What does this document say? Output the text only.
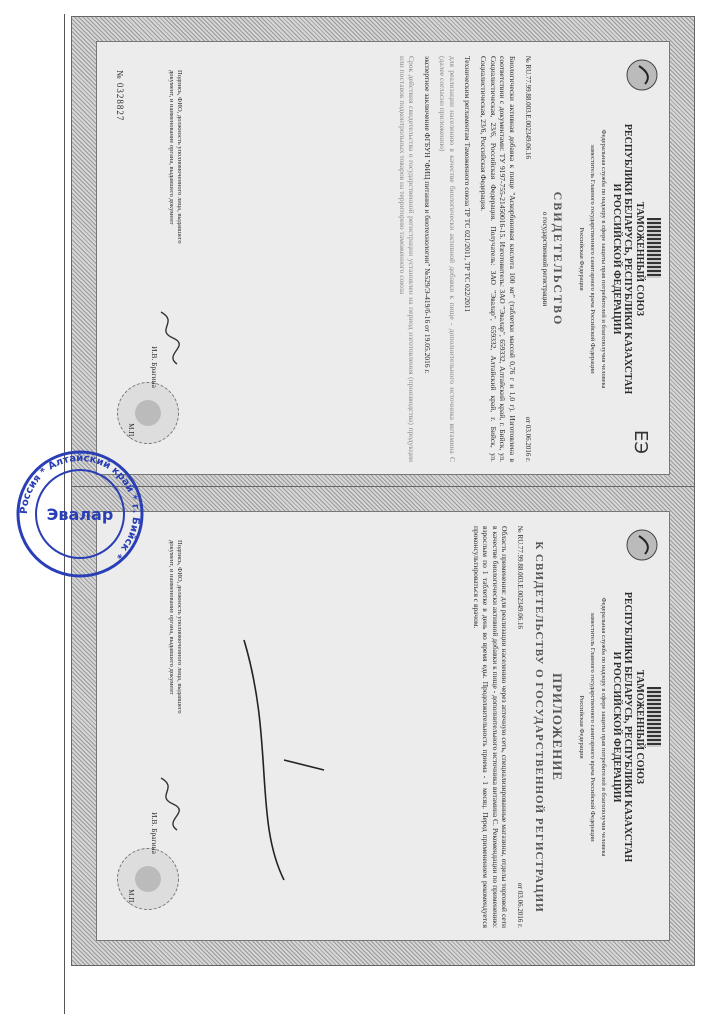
ЕЭ
ТАМОЖЕННЫЙ СОЮЗ
РЕСПУБЛИКИ БЕЛАРУСЬ, РЕСПУБЛИКИ КАЗАХСТАН
И РОССИЙСКОЙ ФЕДЕРАЦИИ
Федеральная служба по надзору в сфере защиты прав потребителей и благополучия человека
заместитель Главного государственного санитарного врача Российской Федерации
Российская Федерация
СВИДЕТЕЛЬСТВО
о государственной регистрации
№ RU.77.99.88.003.Е.002349.06.16
от 03.06.2016 г.
Биологически активная добавка к пище "Аскорбиновая кислота 100 мг" (таблетки массой 0,76 г и 1,0 г). Изготовлена в соответствии с документами: ТУ 9197-755-21450016-15. Изготовитель: ЗАО "Эвалар", 659332, Алтайский край, г. Бийск, ул. Социалистическая, 23/6, Российская Федерация. Получатель: ЗАО "Эвалар", 659332, Алтайский край, г. Бийск, ул. Социалистическая, 23/6, Российская Федерация.
Техническим регламентам Таможенного союза ТР ТС 021/2011, ТР ТС 022/2011
для реализации населению в качестве биологически активной добавки к пище - дополнительного источника витамина С (далее согласно приложению)
экспертное заключение ФГБУН "ФИЦ питания и биотехнологии" №529/Э-419/б-16 от 19.05.2016 г.
Срок действия свидетельства о государственной регистрации установлен на период изготовления (производства) продукции или поставок подконтрольных товаров на территорию таможенного союза
Подпись, ФИО, должность уполномоченного лица, выдавшего документ, и наименование органа, выдавшего документ
И.В. Брагина
М.П.
№ 0328827
ТАМОЖЕННЫЙ СОЮЗ
РЕСПУБЛИКИ БЕЛАРУСЬ, РЕСПУБЛИКИ КАЗАХСТАН
И РОССИЙСКОЙ ФЕДЕРАЦИИ
Федеральная служба по надзору в сфере защиты прав потребителей и благополучия человека
заместитель Главного государственного санитарного врача Российской Федерации
Российская Федерация
ПРИЛОЖЕНИЕ
К СВИДЕТЕЛЬСТВУ О ГОСУДАРСТВЕННОЙ РЕГИСТРАЦИИ
№ RU.77.99.88.003.Е.002349.06.16
от 03.06.2016 г.
Область применения: для реализации населению через аптечную сеть, специализированные магазины, отделы торговой сети в качестве биологически активной добавки к пище - дополнительного источника витамина С. Рекомендации по применению: взрослым по 1 таблетке в день во время еды. Продолжительность приема - 1 месяц. Перед применением рекомендуется проконсультироваться с врачом.
Подпись, ФИО, должность уполномоченного лица, выдавшего документ, и наименование органа, выдавшего документ
И.В. Брагина
М.П.
Россия * Алтайский край * г. Бийск *
Эвалар
